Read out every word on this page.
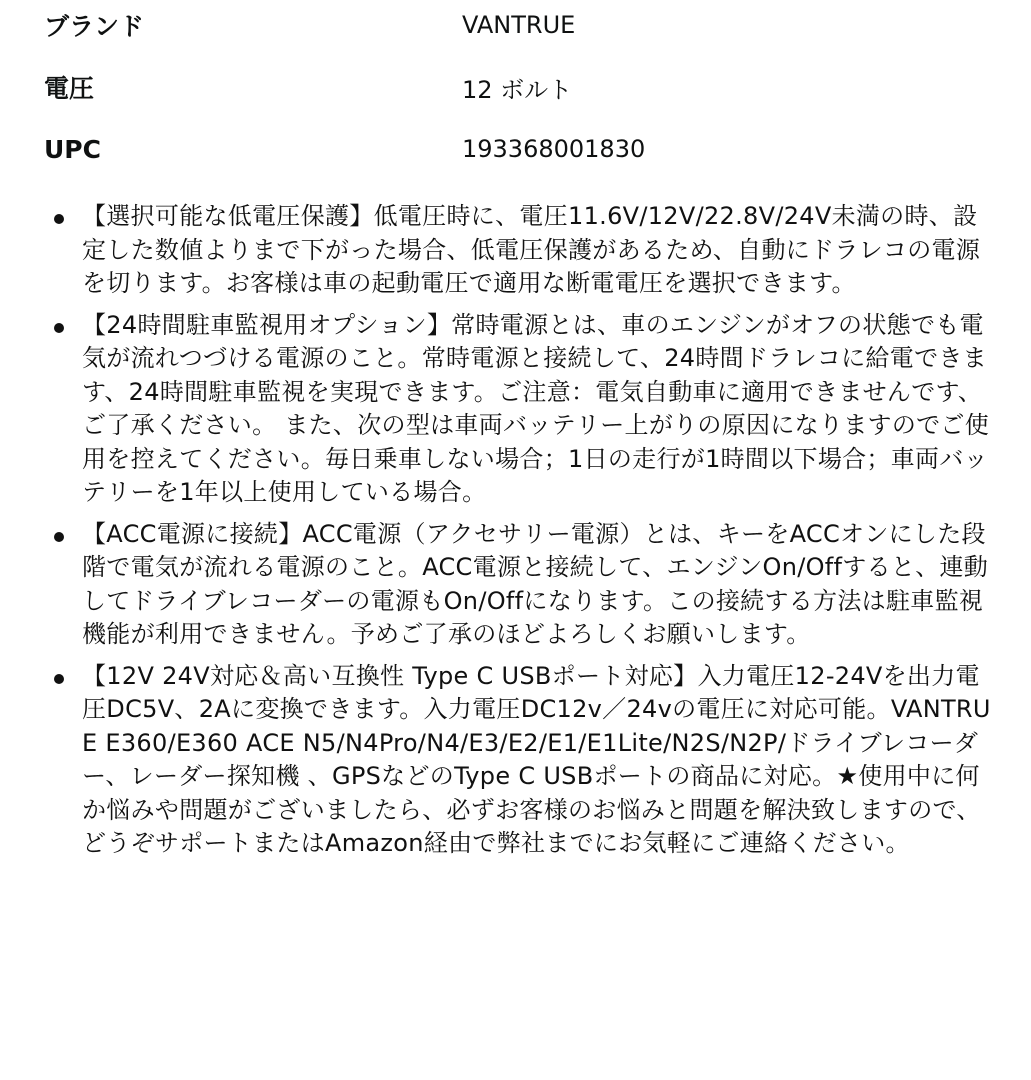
ブランド	VANTRUE
電圧	12 ボルト
UPC	193368001830
【選択可能な低電圧保護】低電圧時に、電圧11.6V/12V/22.8V/24V未満の時、設定した数値よりまで下がった場合、低電圧保護があるため、自動にドラレコの電源を切ります。お客様は車の起動電圧で適用な断電電圧を選択できます。
【24時間駐車監視用オプション】常時電源とは、車のエンジンがオフの状態でも電気が流れつづける電源のこと。常時電源と接続して、24時間ドラレコに給電できます、24時間駐車監視を実現できます。ご注意：電気自動車に適用できませんです、ご了承ください。 また、次の型は車両バッテリー上がりの原因になりますのでご使用を控えてください。毎日乗車しない場合；1日の走行が1時間以下場合；車両バッテリーを1年以上使用している場合。
【ACC電源に接続】ACC電源（アクセサリー電源）とは、キーをACCオンにした段階で電気が流れる電源のこと。ACC電源と接続して、エンジンOn/Offすると、連動してドライブレコーダーの電源もOn/Offになります。この接続する方法は駐車監視機能が利用できません。予めご了承のほどよろしくお願いします。
【12V 24V対応＆高い互換性 Type C USBポート対応】入力電圧12-24Vを出力電圧DC5V、2Aに変換できます。入力電圧DC12v／24vの電圧に対応可能。VANTRUE E360/E360 ACE N5/N4Pro/N4/E3/E2/E1/E1Lite/N2S/N2P/ドライブレコーダー、レーダー探知機 、GPSなどのType C USBポートの商品に対応。★使用中に何か悩みや問題がございましたら、必ずお客様のお悩みと問題を解決致しますので、どうぞサポートまたはAmazon経由で弊社までにお気軽にご連絡ください。
